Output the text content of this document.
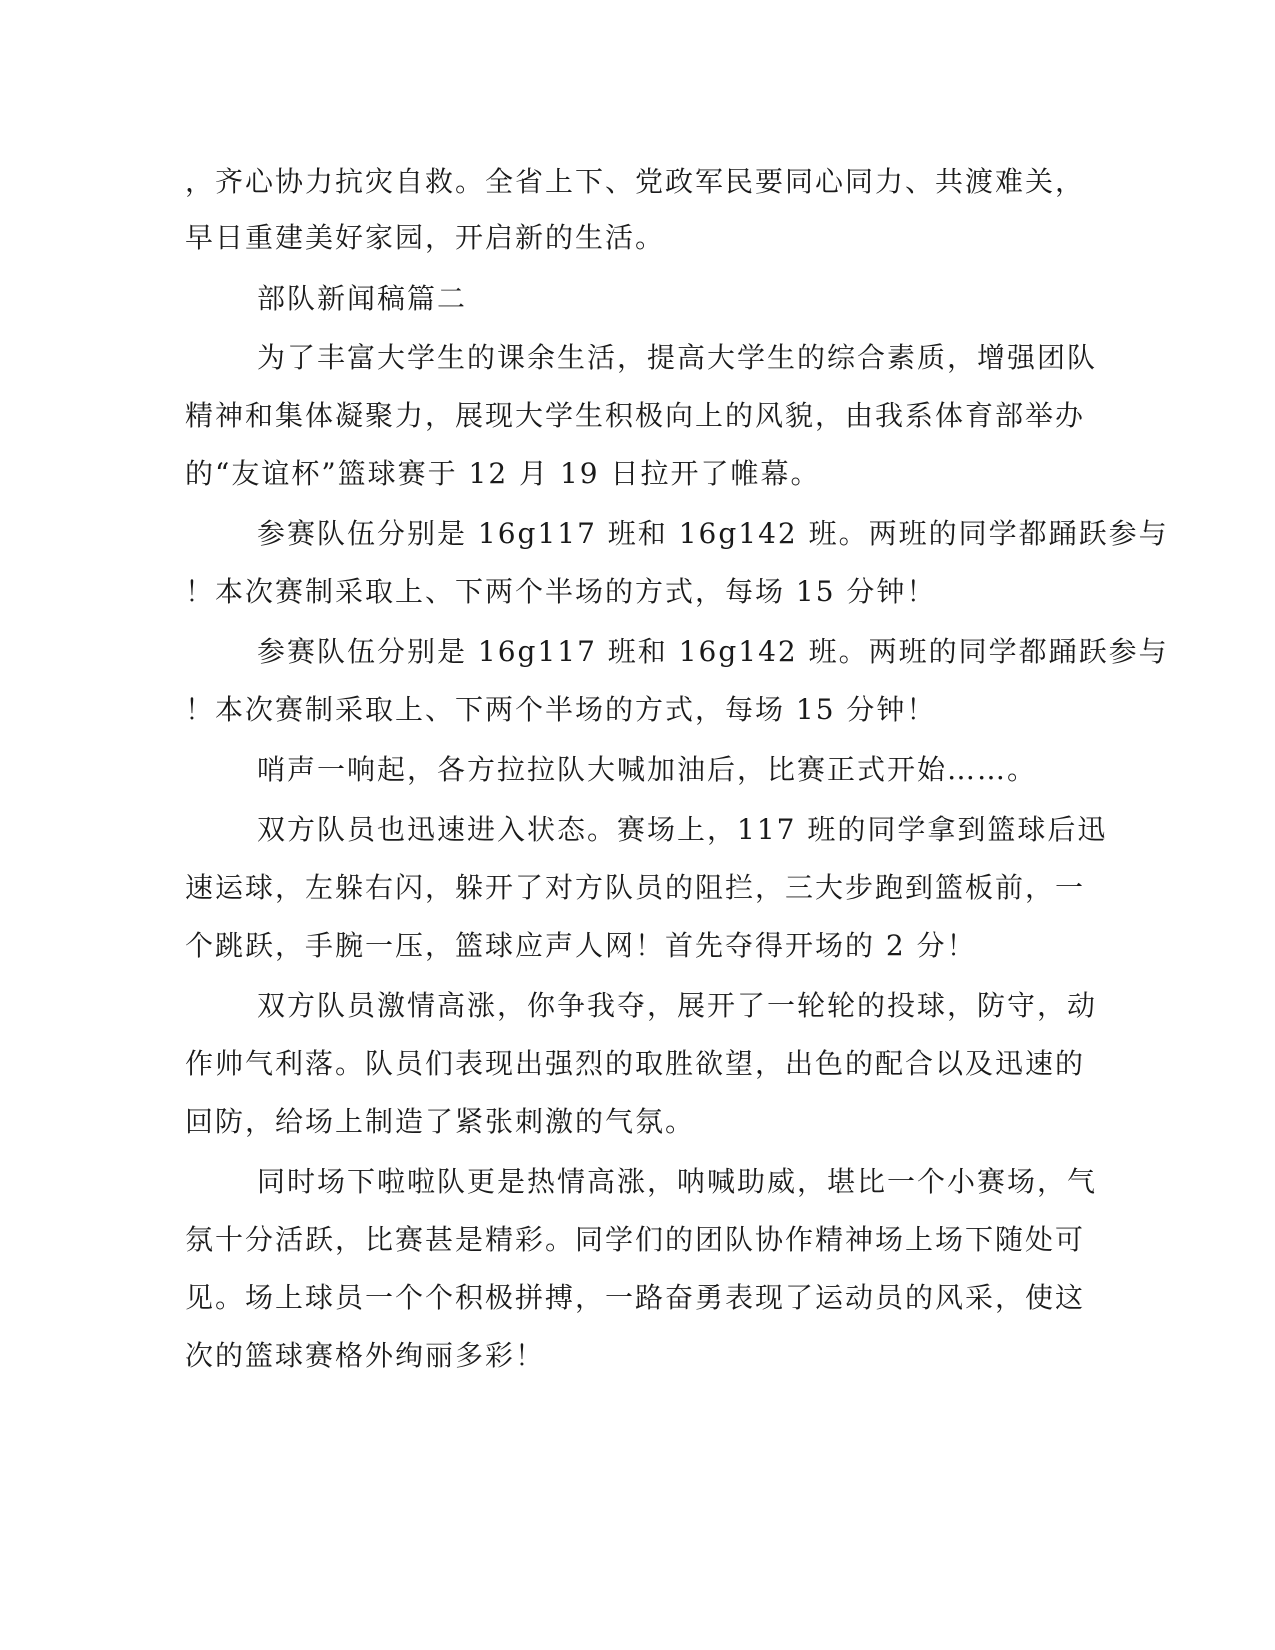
，齐心协力抗灾自救。全省上下、党政军民要同心同力、共渡难关，
早日重建美好家园，开启新的生活。
部队新闻稿篇二
为了丰富大学生的课余生活，提高大学生的综合素质，增强团队
精神和集体凝聚力，展现大学生积极向上的风貌，由我系体育部举办
的“友谊杯”篮球赛于 12 月 19 日拉开了帷幕。
参赛队伍分别是 16g117 班和 16g142 班。两班的同学都踊跃参与
！本次赛制采取上、下两个半场的方式，每场 15 分钟！
参赛队伍分别是 16g117 班和 16g142 班。两班的同学都踊跃参与
！本次赛制采取上、下两个半场的方式，每场 15 分钟！
哨声一响起，各方拉拉队大喊加油后，比赛正式开始……。
双方队员也迅速进入状态。赛场上，117 班的同学拿到篮球后迅
速运球，左躲右闪，躲开了对方队员的阻拦，三大步跑到篮板前，一
个跳跃，手腕一压，篮球应声人网！首先夺得开场的 2 分！
双方队员激情高涨，你争我夺，展开了一轮轮的投球，防守，动
作帅气利落。队员们表现出强烈的取胜欲望，出色的配合以及迅速的
回防，给场上制造了紧张刺激的气氛。
同时场下啦啦队更是热情高涨，呐喊助威，堪比一个小赛场，气
氛十分活跃，比赛甚是精彩。同学们的团队协作精神场上场下随处可
见。场上球员一个个积极拼搏，一路奋勇表现了运动员的风采，使这
次的篮球赛格外绚丽多彩！
